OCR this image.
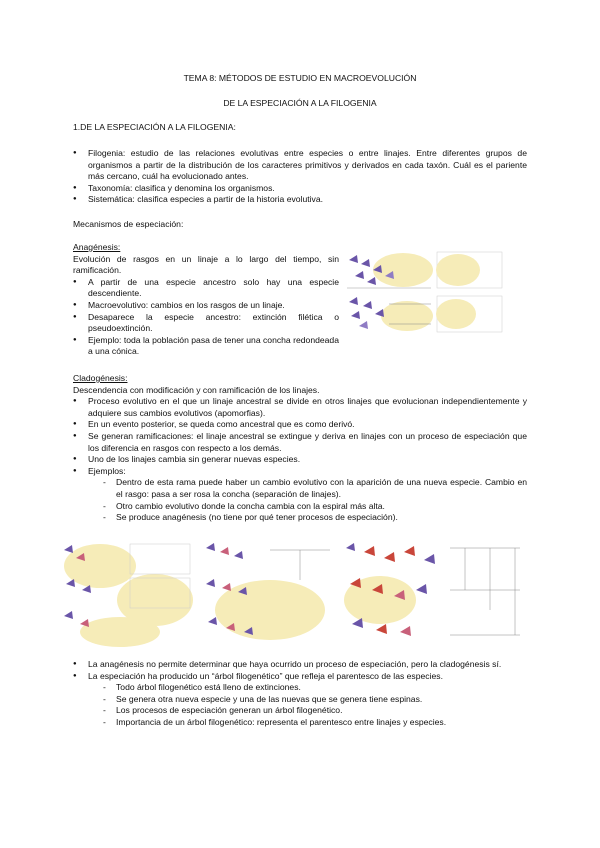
TEMA 8: MÉTODOS DE ESTUDIO EN MACROEVOLUCIÓN
DE LA ESPECIACIÓN A LA FILOGENIA
1.DE LA ESPECIACIÓN A LA FILOGENIA:
● Filogenia: estudio de las relaciones evolutivas entre especies o entre linajes. Entre diferentes grupos de organismos a partir de la distribución de los caracteres primitivos y derivados en cada taxón. Cuál es el pariente más cercano, cuál ha evolucionado antes.
● Taxonomía: clasifica y denomina los organismos.
● Sistemática: clasifica especies a partir de la historia evolutiva.
Mecanismos de especiación:
Anagénesis:
Evolución de rasgos en un linaje a lo largo del tiempo, sin ramificación.
● A partir de una especie ancestro solo hay una especie descendiente.
● Macroevolutivo: cambios en los rasgos de un linaje.
● Desaparece la especie ancestro: extinción filética o pseudoextinción.
● Ejemplo: toda la población pasa de tener una concha redondeada a una cónica.
Cladogénesis:
Descendencia con modificación y con ramificación de los linajes.
● Proceso evolutivo en el que un linaje ancestral se divide en otros linajes que evolucionan independientemente y adquiere sus cambios evolutivos (apomorfias).
● En un evento posterior, se queda como ancestral que es como derivó.
● Se generan ramificaciones: el linaje ancestral se extingue y deriva en linajes con un proceso de especiación que los diferencia en rasgos con respecto a los demás.
● Uno de los linajes cambia sin generar nuevas especies.
● Ejemplos:
- Dentro de esta rama puede haber un cambio evolutivo con la aparición de una nueva especie. Cambio en el rasgo: pasa a ser rosa la concha (separación de linajes).
- Otro cambio evolutivo donde la concha cambia con la espiral más alta.
- Se produce anagénesis (no tiene por qué tener procesos de especiación).
● La anagénesis no permite determinar que haya ocurrido un proceso de especiación, pero la cladogénesis sí.
● La especiación ha producido un “árbol filogenético” que refleja el parentesco de las especies.
- Todo árbol filogenético está lleno de extinciones.
- Se genera otra nueva especie y una de las nuevas que se genera tiene espinas.
- Los procesos de especiación generan un árbol filogenético.
- Importancia de un árbol filogenético: representa el parentesco entre linajes y especies.
